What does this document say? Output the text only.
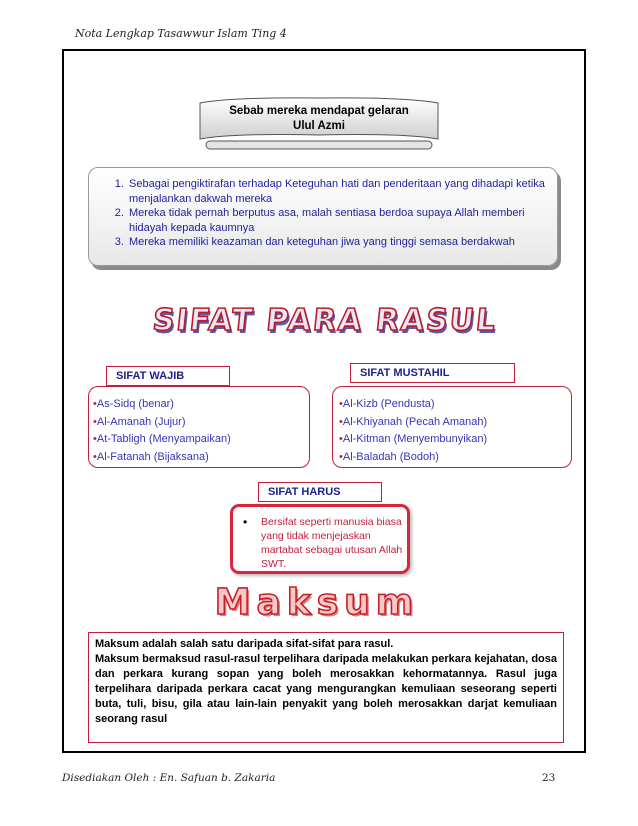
Nota Lengkap Tasawwur Islam Ting 4
Sebab mereka mendapat gelaran
Ulul Azmi
1. Sebagai pengiktirafan terhadap Keteguhan hati dan penderitaan yang dihadapi ketika menjalankan dakwah mereka
2. Mereka tidak pernah berputus asa, malah sentiasa berdoa supaya Allah memberi hidayah kepada kaumnya
3. Mereka memiliki keazaman dan keteguhan jiwa yang tinggi semasa berdakwah
SIFAT PARA RASUL
SIFAT WAJIB
•As-Sidq (benar)
•Al-Amanah (Jujur)
•At-Tabligh (Menyampaikan)
•Al-Fatanah (Bijaksana)
SIFAT MUSTAHIL
•Al-Kizb (Pendusta)
•Al-Khiyanah (Pecah Amanah)
•Al-Kitman (Menyembunyikan)
•Al-Baladah (Bodoh)
SIFAT HARUS
• Bersifat seperti manusia biasa yang tidak menjejaskan martabat sebagai utusan Allah SWT.
Maksum
Maksum adalah salah satu daripada sifat-sifat para rasul.
Maksum bermaksud rasul-rasul terpelihara daripada melakukan perkara kejahatan, dosa dan perkara kurang sopan yang boleh merosakkan kehormatannya. Rasul juga terpelihara daripada perkara cacat yang mengurangkan kemuliaan seseorang seperti buta, tuli, bisu, gila atau lain-lain penyakit yang boleh merosakkan darjat kemuliaan seorang rasul
Disediakan Oleh : En. Safuan b. Zakaria	23
